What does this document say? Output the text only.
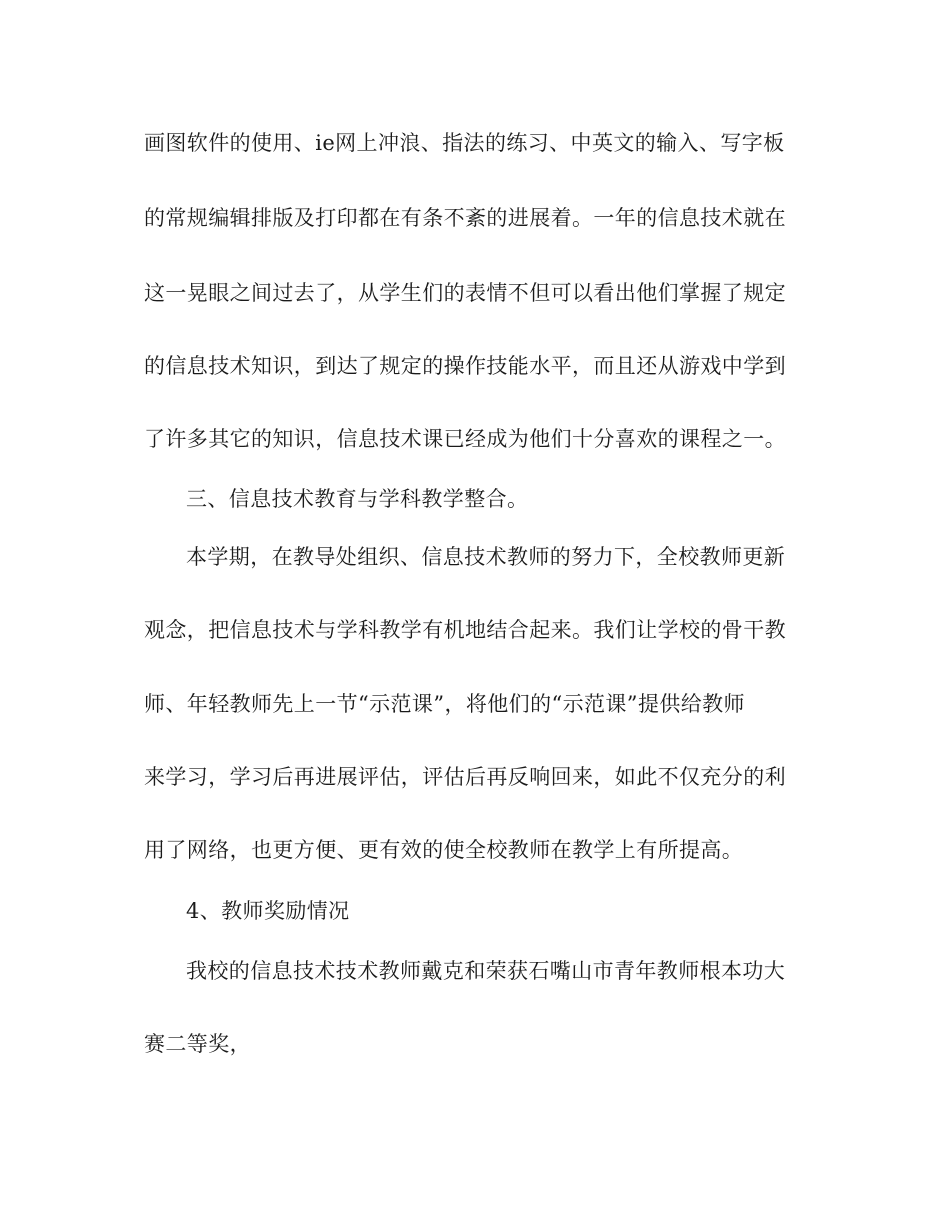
画图软件的使用、ie网上冲浪、指法的练习、中英文的输入、写字板
的常规编辑排版及打印都在有条不紊的进展着。一年的信息技术就在
这一晃眼之间过去了，从学生们的表情不但可以看出他们掌握了规定
的信息技术知识，到达了规定的操作技能水平，而且还从游戏中学到
了许多其它的知识，信息技术课已经成为他们十分喜欢的课程之一。
三、信息技术教育与学科教学整合。
本学期，在教导处组织、信息技术教师的努力下，全校教师更新
观念，把信息技术与学科教学有机地结合起来。我们让学校的骨干教
师、年轻教师先上一节“示范课”，将他们的“示范课”提供给教师
来学习，学习后再进展评估，评估后再反响回来，如此不仅充分的利
用了网络，也更方便、更有效的使全校教师在教学上有所提高。
4、教师奖励情况
我校的信息技术技术教师戴克和荣获石嘴山市青年教师根本功大
赛二等奖，
